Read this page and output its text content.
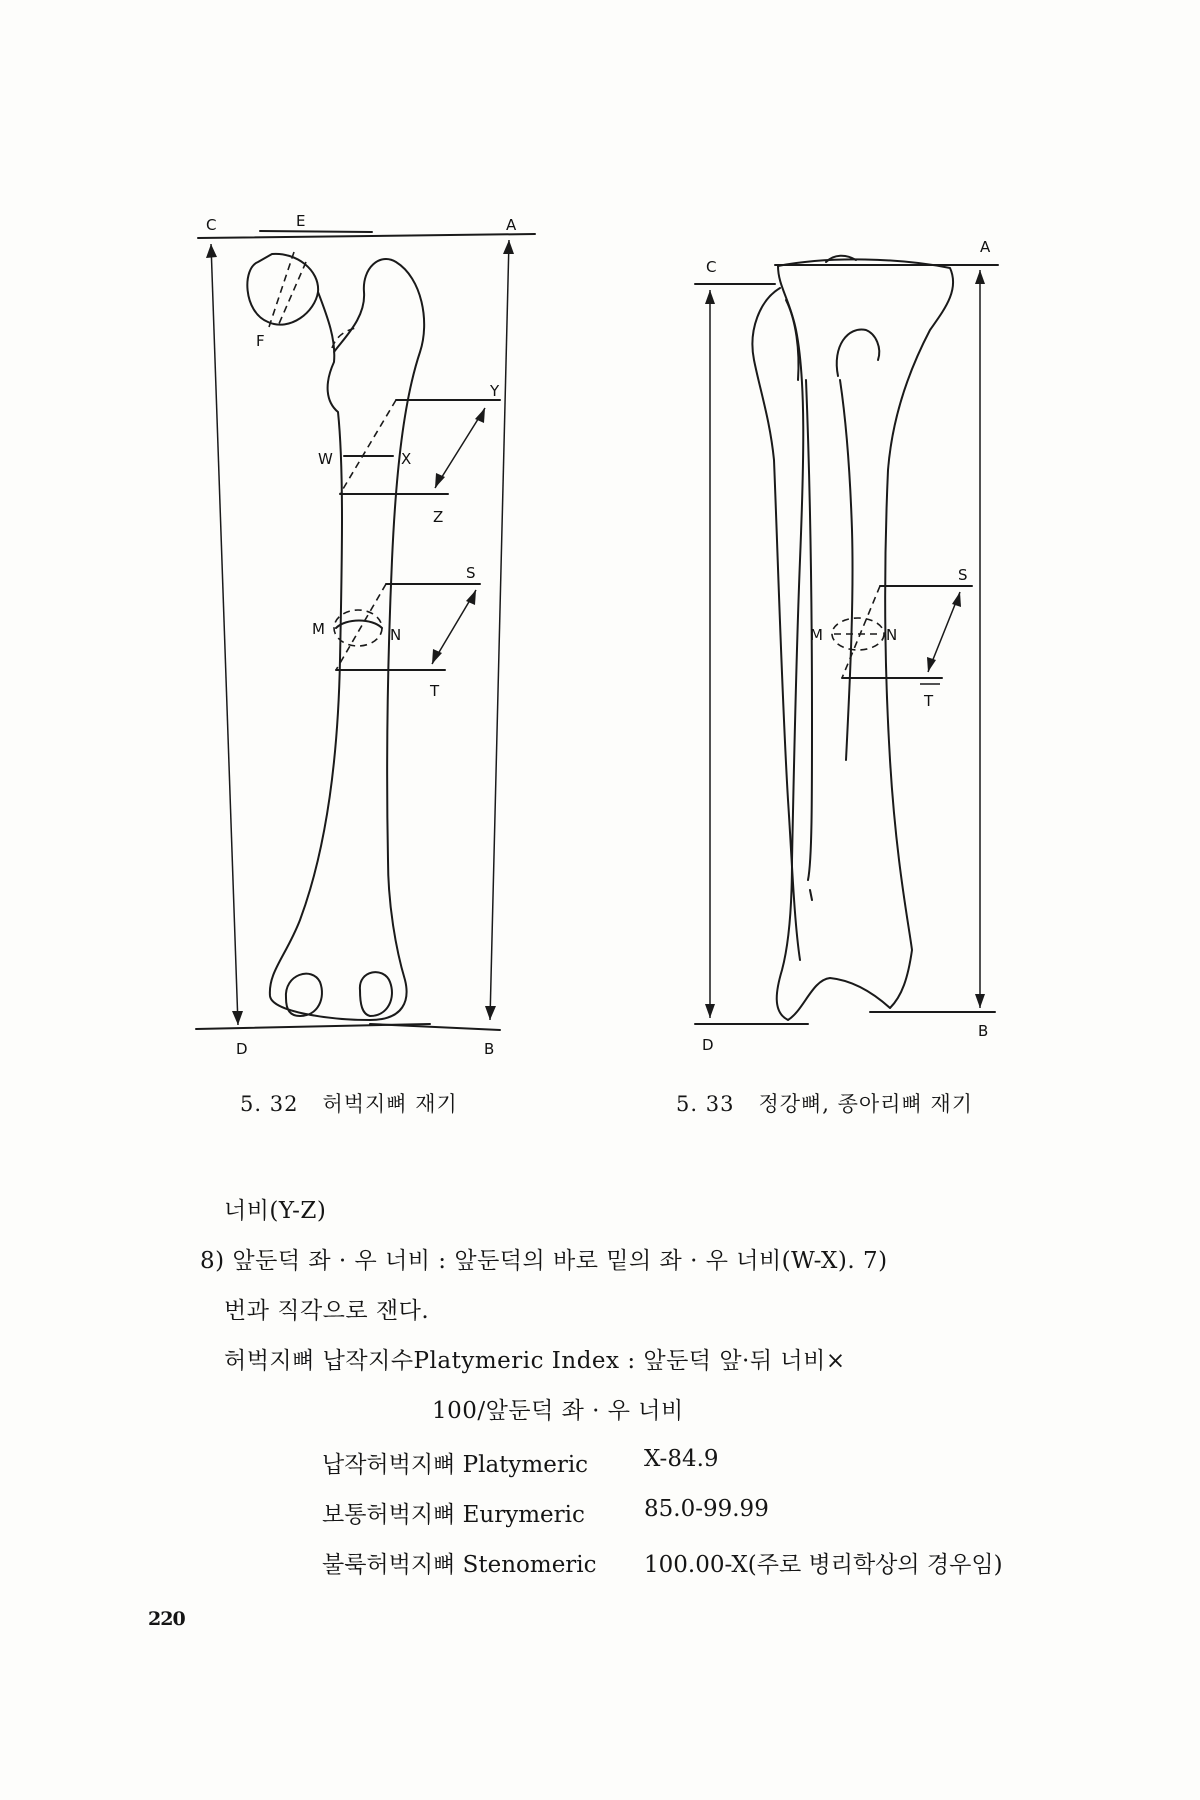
C	E	A
F
Y
W	X
Z
S
M	N
T
D	B
A
C
S
M	N
T
D
B
5. 32 허벅지뼈 재기	5. 33 정강뼈, 종아리뼈 재기
너비(Y-Z)
8) 앞둔덕 좌 · 우 너비 : 앞둔덕의 바로 밑의 좌 · 우 너비(W-X). 7)
번과 직각으로 잰다.
허벅지뼈 납작지수Platymeric Index : 앞둔덕 앞·뒤 너비×
100/앞둔덕 좌 · 우 너비
납작허벅지뼈 Platymeric X-84.9
보통허벅지뼈 Eurymeric	85.0-99.99
불룩허벅지뼈 Stenomeric 100.00-X(주로 병리학상의 경우임)
220
